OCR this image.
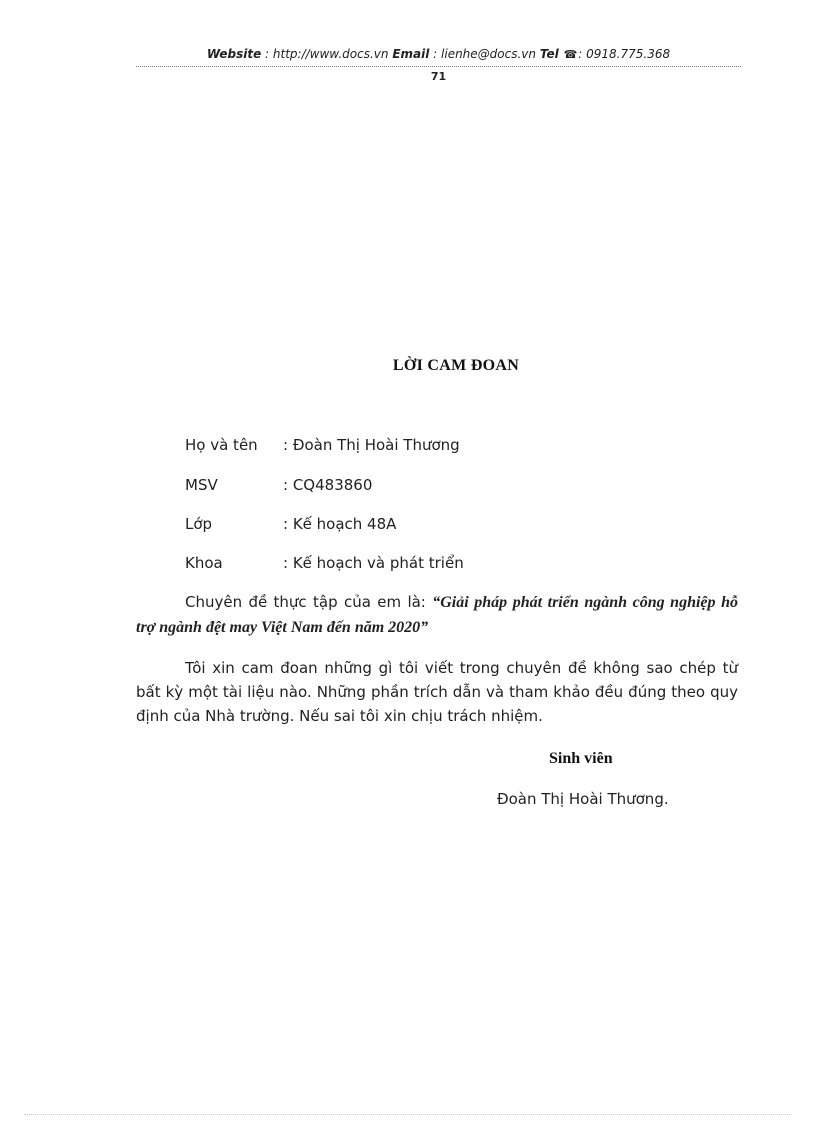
Website : http://www.docs.vn Email : lienhe@docs.vn Tel ☎: 0918.775.368
71
LỜI CAM ĐOAN
Họ và tên : Đoàn Thị Hoài Thương
MSV	: CQ483860
Lớp	: Kế hoạch 48A
Khoa	: Kế hoạch và phát triển
Chuyên đề thực tập của em là: “Giải pháp phát triển ngành công nghiệp hỗ trợ ngành đệt may Việt Nam đến năm 2020”
Tôi xin cam đoan những gì tôi viết trong chuyên đề không sao chép từ bất kỳ một tài liệu nào. Những phần trích dẫn và tham khảo đều đúng theo quy định của Nhà trường. Nếu sai tôi xin chịu trách nhiệm.
Sinh viên
Đoàn Thị Hoài Thương.
